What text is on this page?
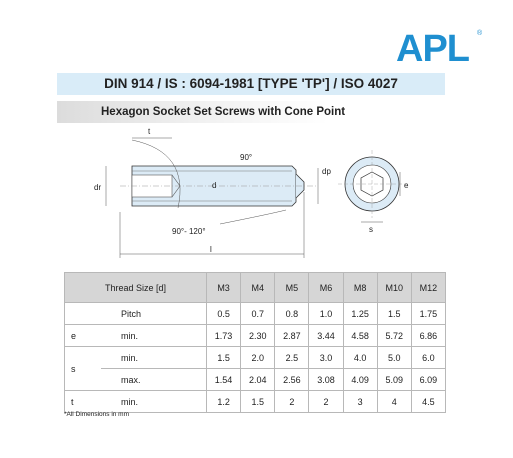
APL ®
DIN 914 / IS : 6094-1981 [TYPE 'TP'] / ISO 4027
Hexagon Socket Set Screws with Cone Point
t
dr	d
dp
90°
90°- 120°
l
e
s
Thread Size [d]		M3	M4	M5	M6	M8	M10	M12
	Pitch	0.5	0.7	0.8	1.0	1.25	1.5	1.75
e	min.	1.73	2.30	2.87	3.44	4.58	5.72	6.86
s	min.	1.5	2.0	2.5	3.0	4.0	5.0	6.0
	max.	1.54	2.04	2.56	3.08	4.09	5.09	6.09
t	min.	1.2	1.5	2	2	3	4	4.5
*All Dimensions in mm
